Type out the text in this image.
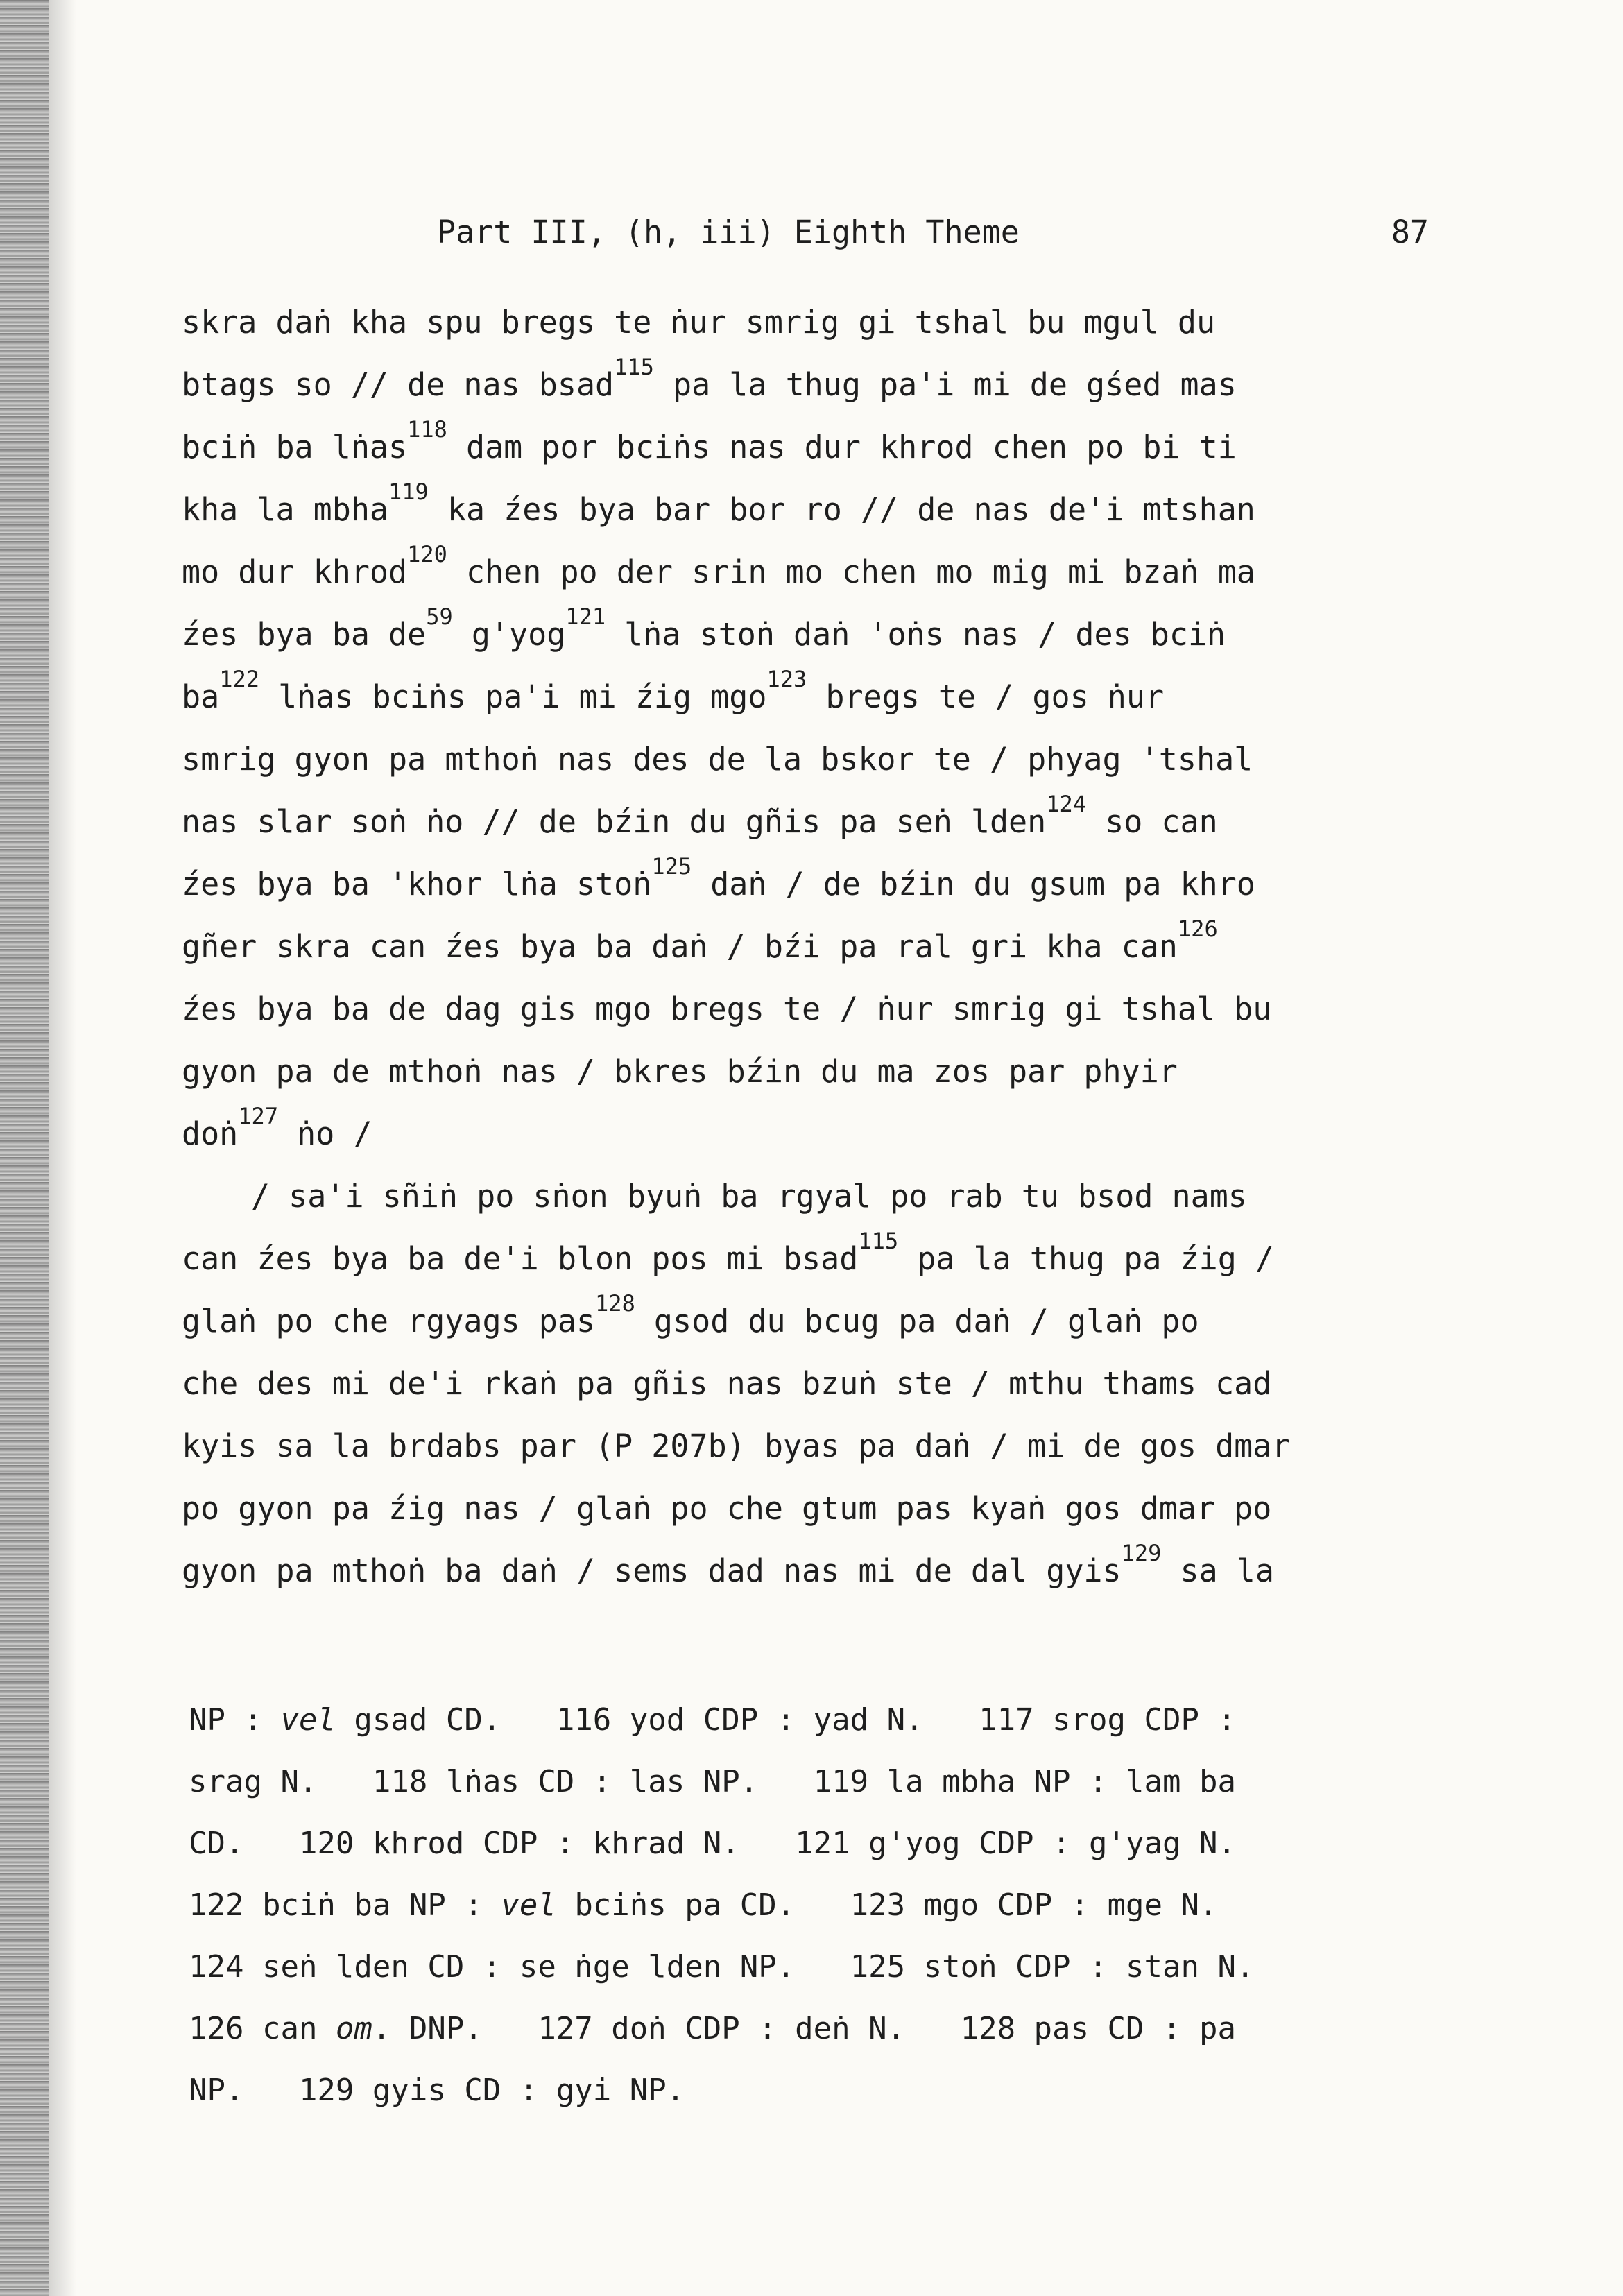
Part III, (h, iii) Eighth Theme	87
skra daṅ kha spu bregs te ṅur smrig gi tshal bu mgul du
btags so // de nas bsad$^{115}$ pa la thug pa'i mi de gśed mas
bciṅ ba lṅas$^{118}$ dam por bciṅs nas dur khrod chen po bi ti
kha la mbha$^{119}$ ka źes bya bar bor ro // de nas de'i mtshan
mo dur khrod$^{120}$ chen po der srin mo chen mo mig mi bzaṅ ma
źes bya ba $de^{59}$ g'yog$^{121}$ lṅa stoṅ daṅ 'oṅs nas / des bciṅ
$ba^{122}$ lṅas bciṅs pa'i mi źig mgo$^{123}$ bregs te / gos ṅur
smrig gyon pa mthoṅ nas des de la bskor te / phyag 'tshal
nas slar soṅ ṅo // de bźin du gñis pa seṅ lden$^{124}$ so can
źes bya ba 'khor lṅa stoṅ$^{125}$ daṅ / de bźin du gsum pa khro
gñer skra can źes bya ba daṅ / bźi pa ral gri kha can$^{126}$
źes bya ba de dag gis mgo bregs te / ṅur smrig gi tshal bu
gyon pa de mthoṅ nas / bkres bźin du ma zos par phyir
doṅ$^{127}$ ṅo /
/ sa'i sñiṅ po sṅon byuṅ ba rgyal po rab tu bsod nams
can źes bya ba de'i blon pos mi bsad$^{115}$ pa la thug pa źig /
glaṅ po che rgyags pas$^{128}$ gsod du bcug pa daṅ / glaṅ po
che des mi de'i rkaṅ pa gñis nas bzuṅ ste / mthu thams cad
kyis sa la brdabs par (P 207b) byas pa daṅ / mi de gos dmar
po gyon pa źig nas / glaṅ po che gtum pas kyaṅ gos dmar po
gyon pa mthoṅ ba daṅ / sems dad nas mi de dal gyis$^{129}$ sa la
NP : vel gsad CD.   116 yod CDP : yad N.   117 srog CDP :
srag N.   118 lṅas CD : las NP.   119 la mbha NP : lam ba
CD.   120 khrod CDP : khrad N.   121 g'yog CDP : g'yag N.
122 bciṅ ba NP : vel bciṅs pa CD.   123 mgo CDP : mge N.
124 seṅ lden CD : se ṅge lden NP.   125 stoṅ CDP : stan N.
126 can om. DNP.   127 doṅ CDP : deṅ N.   128 pas CD : pa
NP.   129 gyis CD : gyi NP.
